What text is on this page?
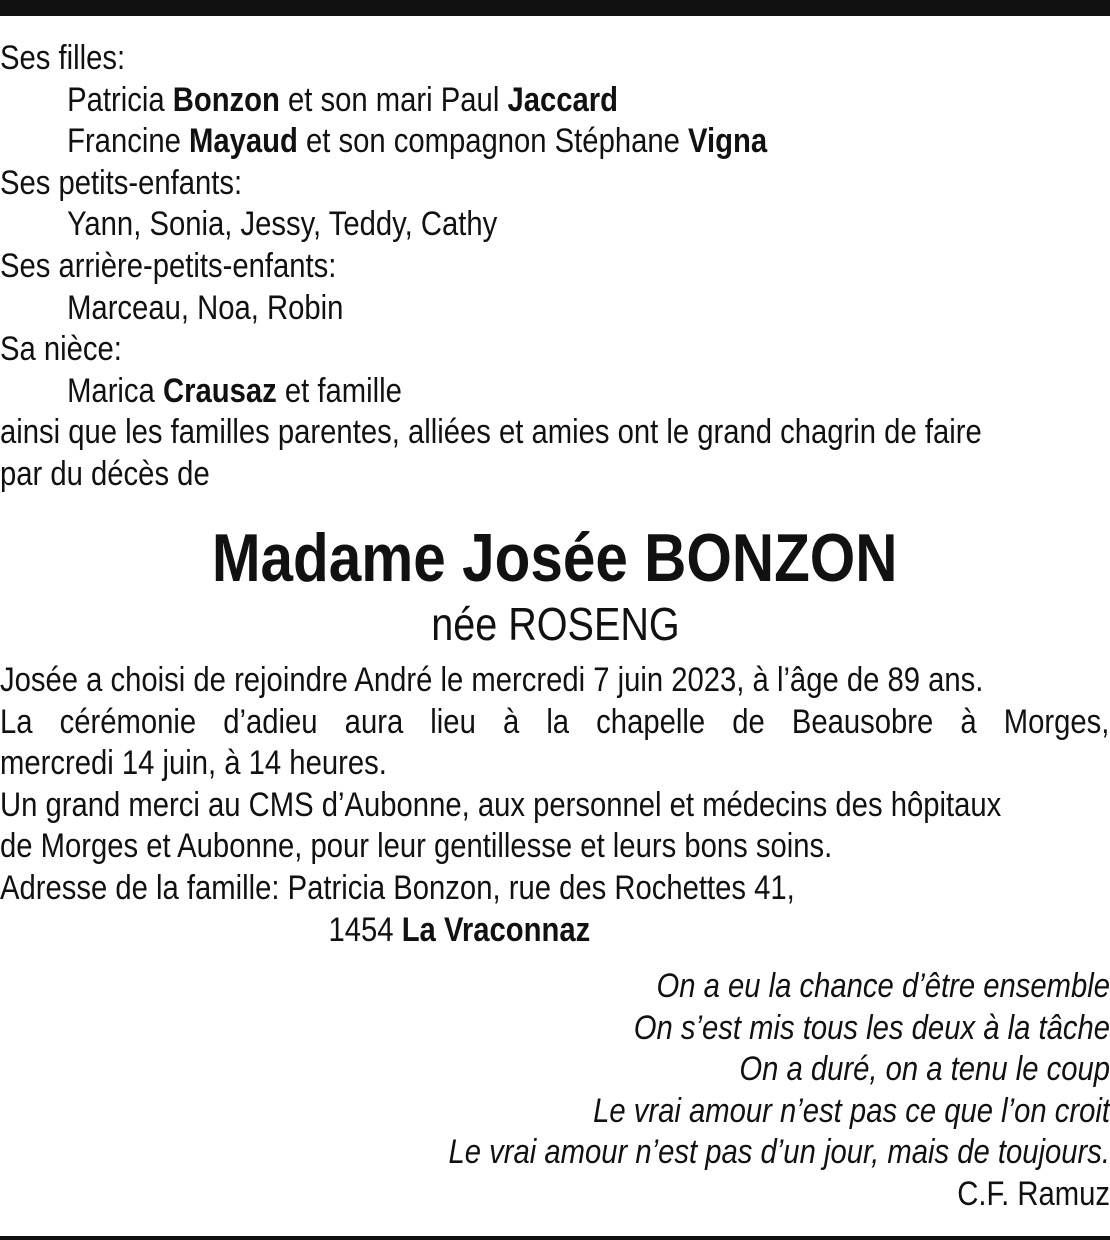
Ses filles:
Patricia Bonzon et son mari Paul Jaccard
Francine Mayaud et son compagnon Stéphane Vigna
Ses petits-enfants:
Yann, Sonia, Jessy, Teddy, Cathy
Ses arrière-petits-enfants:
Marceau, Noa, Robin
Sa nièce:
Marica Crausaz et famille
ainsi que les familles parentes, alliées et amies ont le grand chagrin de faire
par du décès de
Madame Josée BONZON
née ROSENG
Josée a choisi de rejoindre André le mercredi 7 juin 2023, à l’âge de 89 ans.
La cérémonie d’adieu aura lieu à la chapelle de Beausobre à Morges,
mercredi 14 juin, à 14 heures.
Un grand merci au CMS d’Aubonne, aux personnel et médecins des hôpitaux
de Morges et Aubonne, pour leur gentillesse et leurs bons soins.
Adresse de la famille: Patricia Bonzon, rue des Rochettes 41,
1454 La Vraconnaz
On a eu la chance d’être ensemble
On s’est mis tous les deux à la tâche
On a duré, on a tenu le coup
Le vrai amour n’est pas ce que l’on croit
Le vrai amour n’est pas d’un jour, mais de toujours.
C.F. Ramuz
